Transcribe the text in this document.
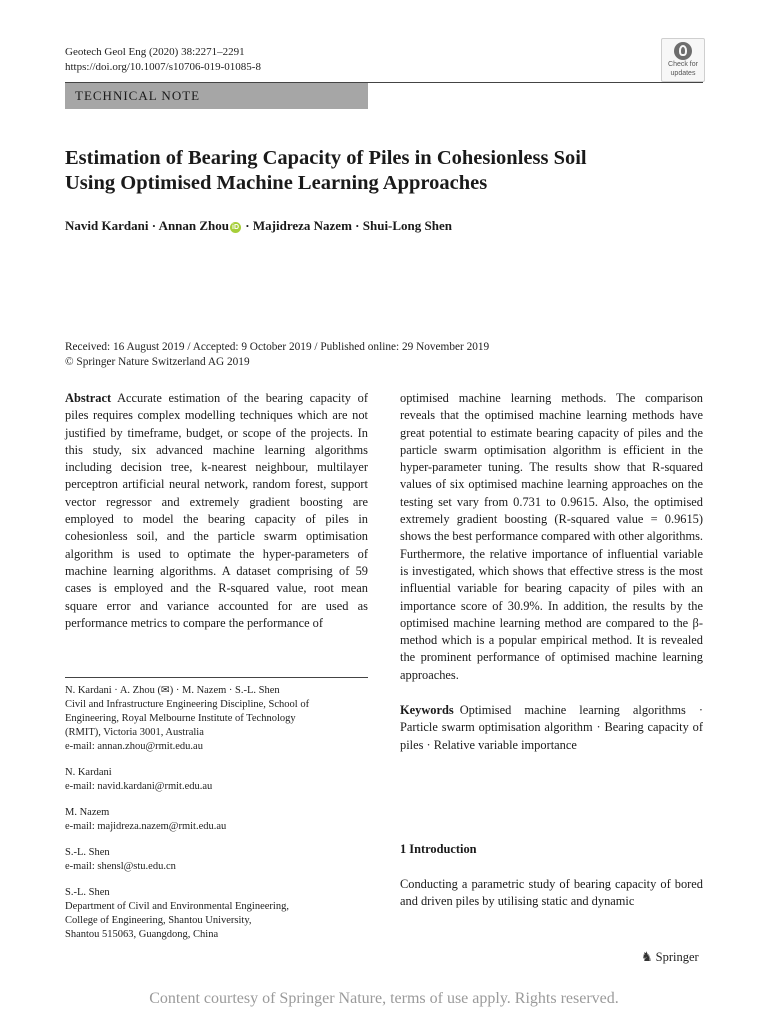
Geotech Geol Eng (2020) 38:2271–2291
https://doi.org/10.1007/s10706-019-01085-8	Check for
updates
TECHNICAL NOTE
Estimation of Bearing Capacity of Piles in Cohesionless Soil
Using Optimised Machine Learning Approaches
Navid Kardani · Annan Zhou iD · Majidreza Nazem · Shui-Long Shen
Received: 16 August 2019 / Accepted: 9 October 2019 / Published online: 29 November 2019
© Springer Nature Switzerland AG 2019

Abstract Accurate estimation of the bearing capacity of piles requires complex modelling techniques which are not justified by timeframe, budget, or scope of the projects. In this study, six advanced machine learning algorithms including decision tree, k-nearest neighbour, multilayer perceptron artificial neural network, random forest, support vector regressor and extremely gradient boosting are employed to model the bearing capacity of piles in cohesionless soil, and the particle swarm optimisation algorithm is used to optimate the hyper-parameters of machine learning algorithms. A dataset comprising of 59 cases is employed and the R-squared value, root mean square error and variance accounted for are used as performance metrics to compare the performance of

N. Kardani · A. Zhou (✉) · M. Nazem · S.-L. Shen
Civil and Infrastructure Engineering Discipline, School of
Engineering, Royal Melbourne Institute of Technology
(RMIT), Victoria 3001, Australia
e-mail: annan.zhou@rmit.edu.au
N. Kardani
e-mail: navid.kardani@rmit.edu.au
M. Nazem
e-mail: majidreza.nazem@rmit.edu.au
S.-L. Shen
e-mail: shensl@stu.edu.cn
S.-L. Shen
Department of Civil and Environmental Engineering,
College of Engineering, Shantou University,
Shantou 515063, Guangdong, China

optimised machine learning methods. The comparison reveals that the optimised machine learning methods have great potential to estimate bearing capacity of piles and the particle swarm optimisation algorithm is efficient in the hyper-parameter tuning. The results show that R-squared values of six optimised machine learning approaches on the testing set vary from 0.731 to 0.9615. Also, the optimised extremely gradient boosting (R-squared value = 0.9615) shows the best performance compared with other algorithms. Furthermore, the relative importance of influential variable is investigated, which shows that effective stress is the most influential variable for bearing capacity of piles with an importance score of 30.9%. In addition, the results by the optimised machine learning method are compared to the β-method which is a popular empirical method. It is revealed the prominent performance of optimised machine learning approaches.

Keywords Optimised machine learning algorithms · Particle swarm optimisation algorithm · Bearing capacity of piles · Relative variable importance

1 Introduction
Conducting a parametric study of bearing capacity of bored and driven piles by utilising static and dynamic
♞ Springer
Content courtesy of Springer Nature, terms of use apply. Rights reserved.
